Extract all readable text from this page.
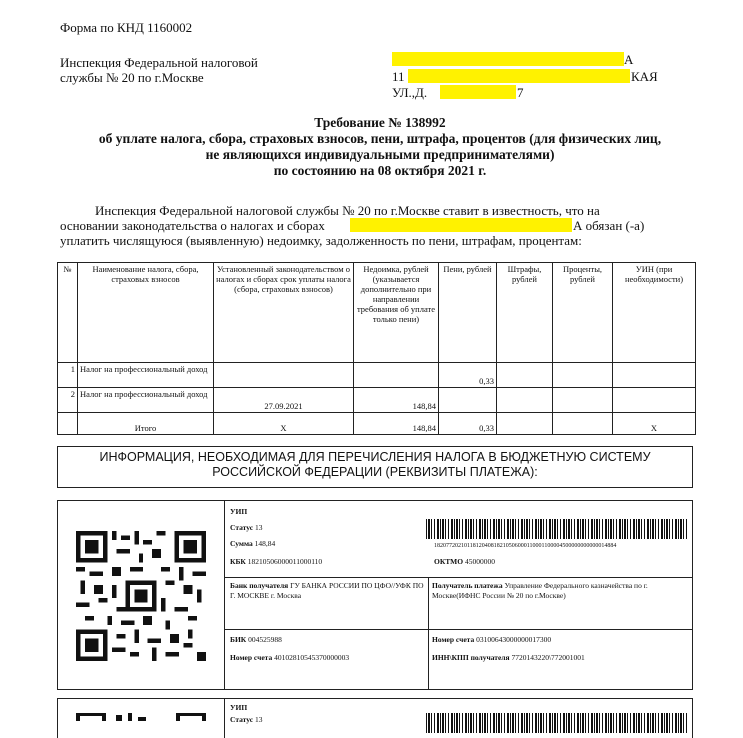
Форма по КНД 1160002
Инспекция Федеральной налоговой
службы № 20 по г.Москве
А
11	КАЯ
УЛ.,Д.	7
Требование № 138992
об уплате налога, сбора, страховых взносов, пени, штрафа, процентов (для физических лиц,
не являющихся индивидуальными предпринимателями)
по состоянию на 08 октября 2021 г.
Инспекция Федеральной налоговой службы № 20 по г.Москве ставит в известность, что на
основании законодательства о налогах и сборах	А обязан (-а)
уплатить числящуюся (выявленную) недоимку, задолженность по пени, штрафам, процентам:
№	Наименование налога, сбора, страховых взносов	Установленный законодательством о налогах и сборах срок уплаты налога (сбора, страховых взносов)	Недоимка, рублей (указывается дополнительно при направлении требования об уплате только пени)	Пени, рублей	Штрафы, рублей	Проценты, рублей	УИН (при необходимости)
1	Налог на профессиональный доход			0,33			
2	Налог на профессиональный доход	27.09.2021	148,84				
	Итого	X	148,84	0,33			X
ИНФОРМАЦИЯ, НЕОБХОДИМАЯ ДЛЯ ПЕРЕЧИСЛЕНИЯ НАЛОГА В БЮДЖЕТНУЮ СИСТЕМУ
РОССИЙСКОЙ ФЕДЕРАЦИИ (РЕКВИЗИТЫ ПЛАТЕЖА):
УИП
Статус 13
Сумма 148,84
КБК 18210506000011000110
1820772021011812040818210506000110001100004500000000000014884
ОКТМО 45000000
Банк получателя ГУ БАНКА РОССИИ ПО ЦФО//УФК ПО Г. МОСКВЕ г. Москва
Получатель платежа Управление Федерального казначейства по г. Москве(ИФНС России № 20 по г.Москве)
БИК 004525988
Номер счета 40102810545370000003
Номер счета 03100643000000017300
ИНН\КПП получателя 7720143220\772001001
УИП
Статус 13
